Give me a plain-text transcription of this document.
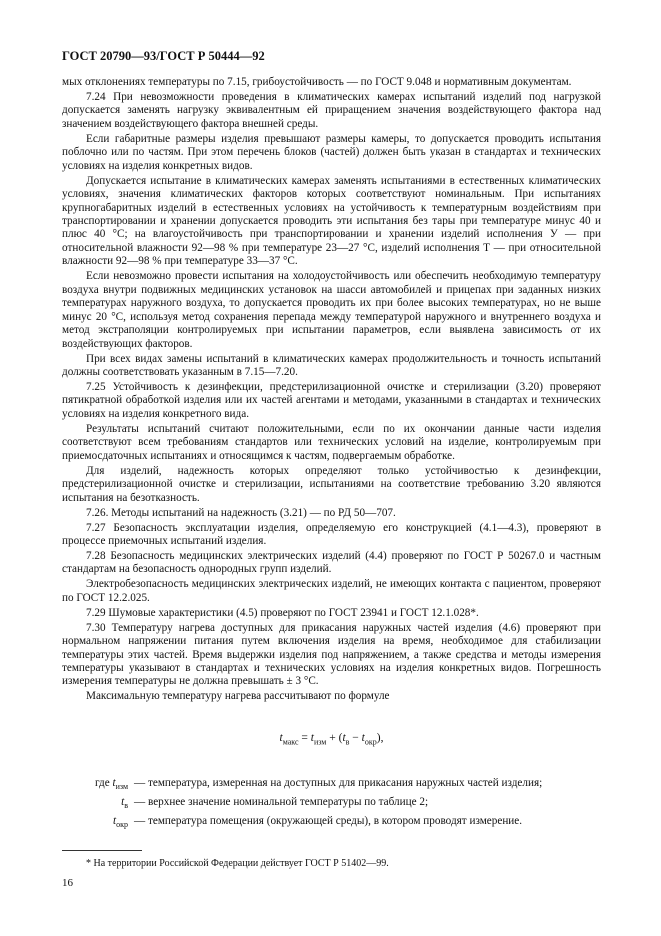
ГОСТ 20790—93/ГОСТ Р 50444—92

мых отклонениях температуры по 7.15, грибоустойчивость — по ГОСТ 9.048 и нормативным документам.

7.24 При невозможности проведения в климатических камерах испытаний изделий под нагрузкой допускается заменять нагрузку эквивалентным ей приращением значения воздействующего фактора над значением воздействующего фактора внешней среды.

Если габаритные размеры изделия превышают размеры камеры, то допускается проводить испытания поблочно или по частям. При этом перечень блоков (частей) должен быть указан в стандартах и технических условиях на изделия конкретных видов.

Допускается испытание в климатических камерах заменять испытаниями в естественных климатических условиях, значения климатических факторов которых соответствуют номинальным. При испытаниях крупногабаритных изделий в естественных условиях на устойчивость к температурным воздействиям при транспортировании и хранении допускается проводить эти испытания без тары при температуре минус 40 и плюс 40 °С; на влагоустойчивость при транспортировании и хранении изделий исполнения У — при относительной влажности 92—98 % при температуре 23—27 °С, изделий исполнения Т — при относительной влажности 92—98 % при температуре 33—37 °С.

Если невозможно провести испытания на холодоустойчивость или обеспечить необходимую температуру воздуха внутри подвижных медицинских установок на шасси автомобилей и прицепах при заданных низких температурах наружного воздуха, то допускается проводить их при более высоких температурах, но не выше минус 20 °С, используя метод сохранения перепада между температурой наружного и внутреннего воздуха и метод экстраполяции контролируемых при испытании параметров, если выявлена зависимость от их воздействующих факторов.

При всех видах замены испытаний в климатических камерах продолжительность и точность испытаний должны соответствовать указанным в 7.15—7.20.

7.25 Устойчивость к дезинфекции, предстерилизационной очистке и стерилизации (3.20) проверяют пятикратной обработкой изделия или их частей агентами и методами, указанными в стандартах и технических условиях на изделия конкретного вида.

Результаты испытаний считают положительными, если по их окончании данные части изделия соответствуют всем требованиям стандартов или технических условий на изделие, контролируемым при приемосдаточных испытаниях и относящимся к частям, подвергаемым обработке.

Для изделий, надежность которых определяют только устойчивостью к дезинфекции, предстерилизационной очистке и стерилизации, испытаниями на соответствие требованию 3.20 являются испытания на безотказность.

7.26. Методы испытаний на надежность (3.21) — по РД 50—707.

7.27 Безопасность эксплуатации изделия, определяемую его конструкцией (4.1—4.3), проверяют в процессе приемочных испытаний изделия.

7.28 Безопасность медицинских электрических изделий (4.4) проверяют по ГОСТ Р 50267.0 и частным стандартам на безопасность однородных групп изделий.

Электробезопасность медицинских электрических изделий, не имеющих контакта с пациентом, проверяют по ГОСТ 12.2.025.

7.29 Шумовые характеристики (4.5) проверяют по ГОСТ 23941 и ГОСТ 12.1.028*.

7.30 Температуру нагрева доступных для прикасания наружных частей изделия (4.6) проверяют при нормальном напряжении питания путем включения изделия на время, необходимое для стабилизации температуры этих частей. Время выдержки изделия под напряжением, а также средства и методы измерения температуры указывают в стандартах и технических условиях на изделия конкретных видов. Погрешность измерения температуры не должна превышать ± 3 °С.

Максимальную температуру нагрева рассчитывают по формуле

$t_{макс} = t_{изм} + (t_в - t_{окр})$,
где $t_{изм}$ — температура, измеренная на доступных для прикасания наружных частей изделия;
$t_в$ — верхнее значение номинальной температуры по таблице 2;
$t_{окр}$ — температура помещения (окружающей среды), в котором проводят измерение.
* На территории Российской Федерации действует ГОСТ Р 51402—99.
16
